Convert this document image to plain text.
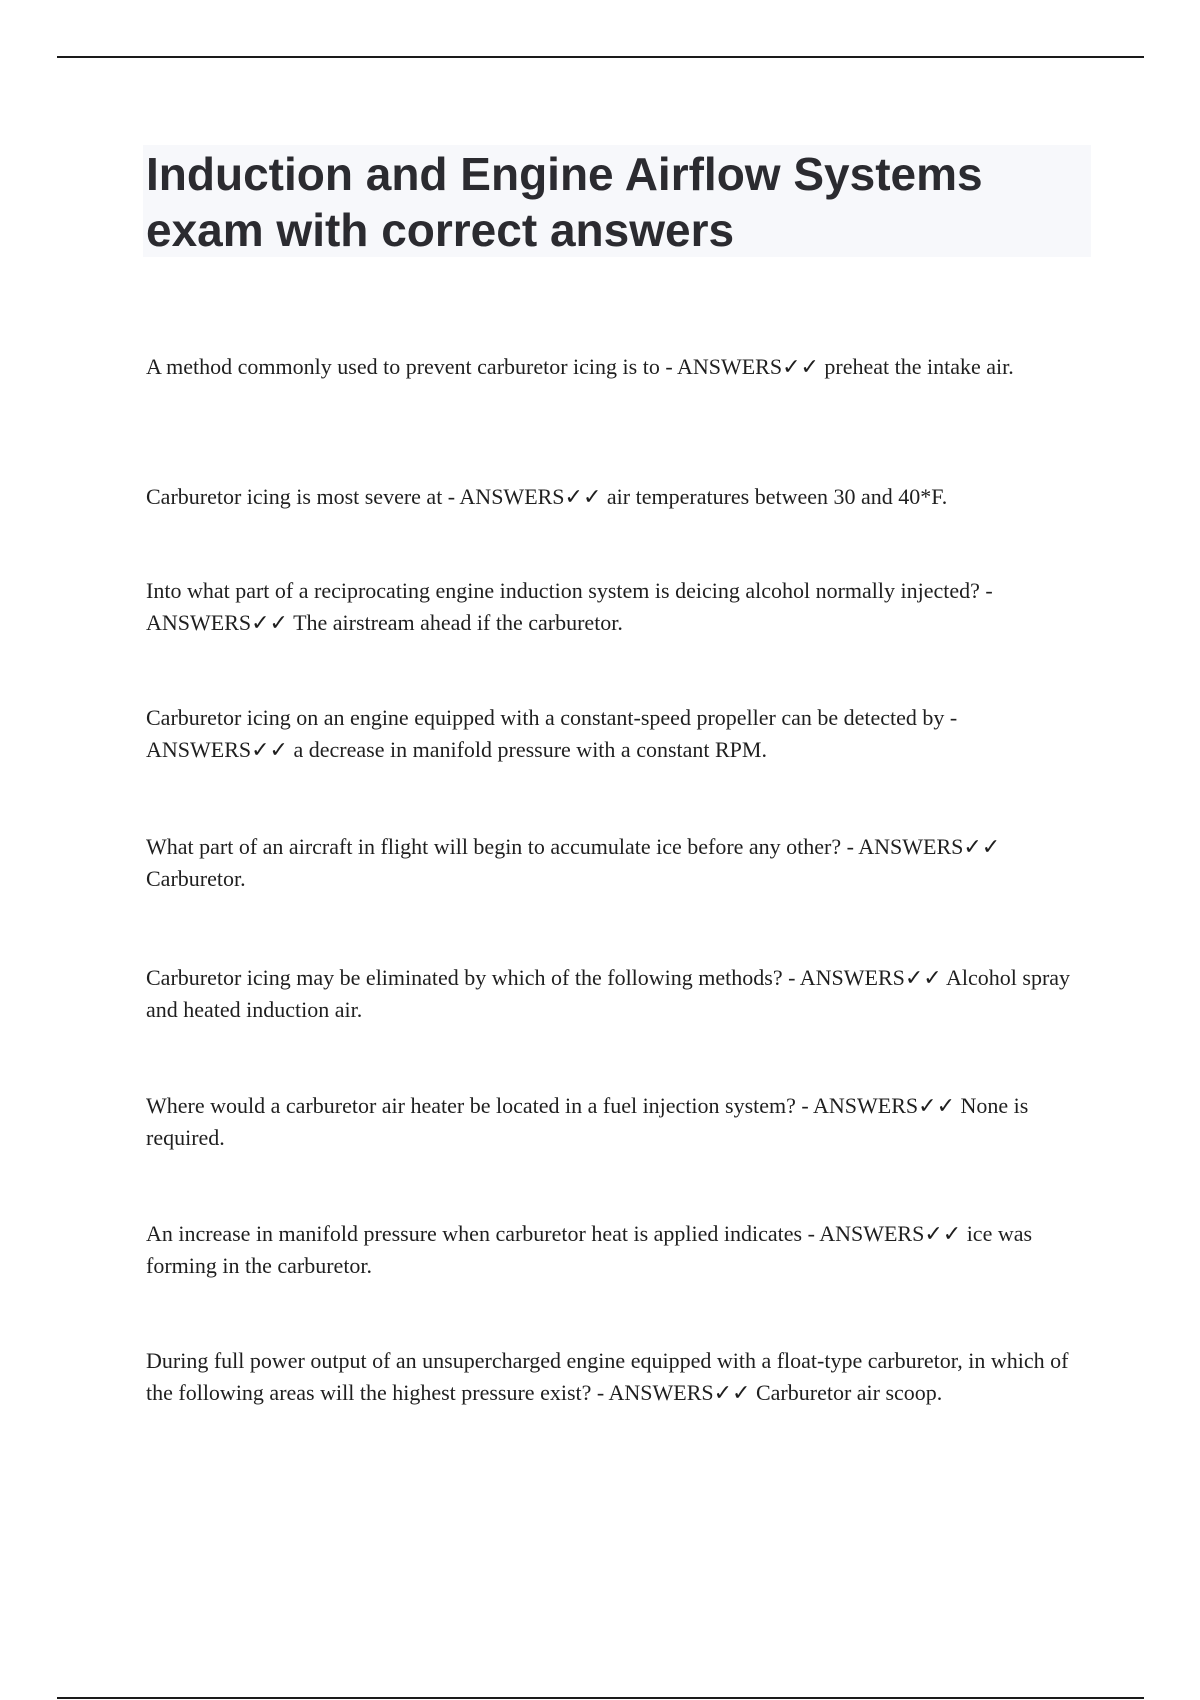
Induction and Engine Airflow Systems exam with correct answers

A method commonly used to prevent carburetor icing is to - ANSWERS✓✓ preheat the intake air.

Carburetor icing is most severe at - ANSWERS✓✓ air temperatures between 30 and 40*F.

Into what part of a reciprocating engine induction system is deicing alcohol normally injected? - ANSWERS✓✓ The airstream ahead if the carburetor.

Carburetor icing on an engine equipped with a constant-speed propeller can be detected by - ANSWERS✓✓ a decrease in manifold pressure with a constant RPM.

What part of an aircraft in flight will begin to accumulate ice before any other? - ANSWERS✓✓ Carburetor.

Carburetor icing may be eliminated by which of the following methods? - ANSWERS✓✓ Alcohol spray and heated induction air.

Where would a carburetor air heater be located in a fuel injection system? - ANSWERS✓✓ None is required.

An increase in manifold pressure when carburetor heat is applied indicates - ANSWERS✓✓ ice was forming in the carburetor.

During full power output of an unsupercharged engine equipped with a float-type carburetor, in which of the following areas will the highest pressure exist? - ANSWERS✓✓ Carburetor air scoop.
